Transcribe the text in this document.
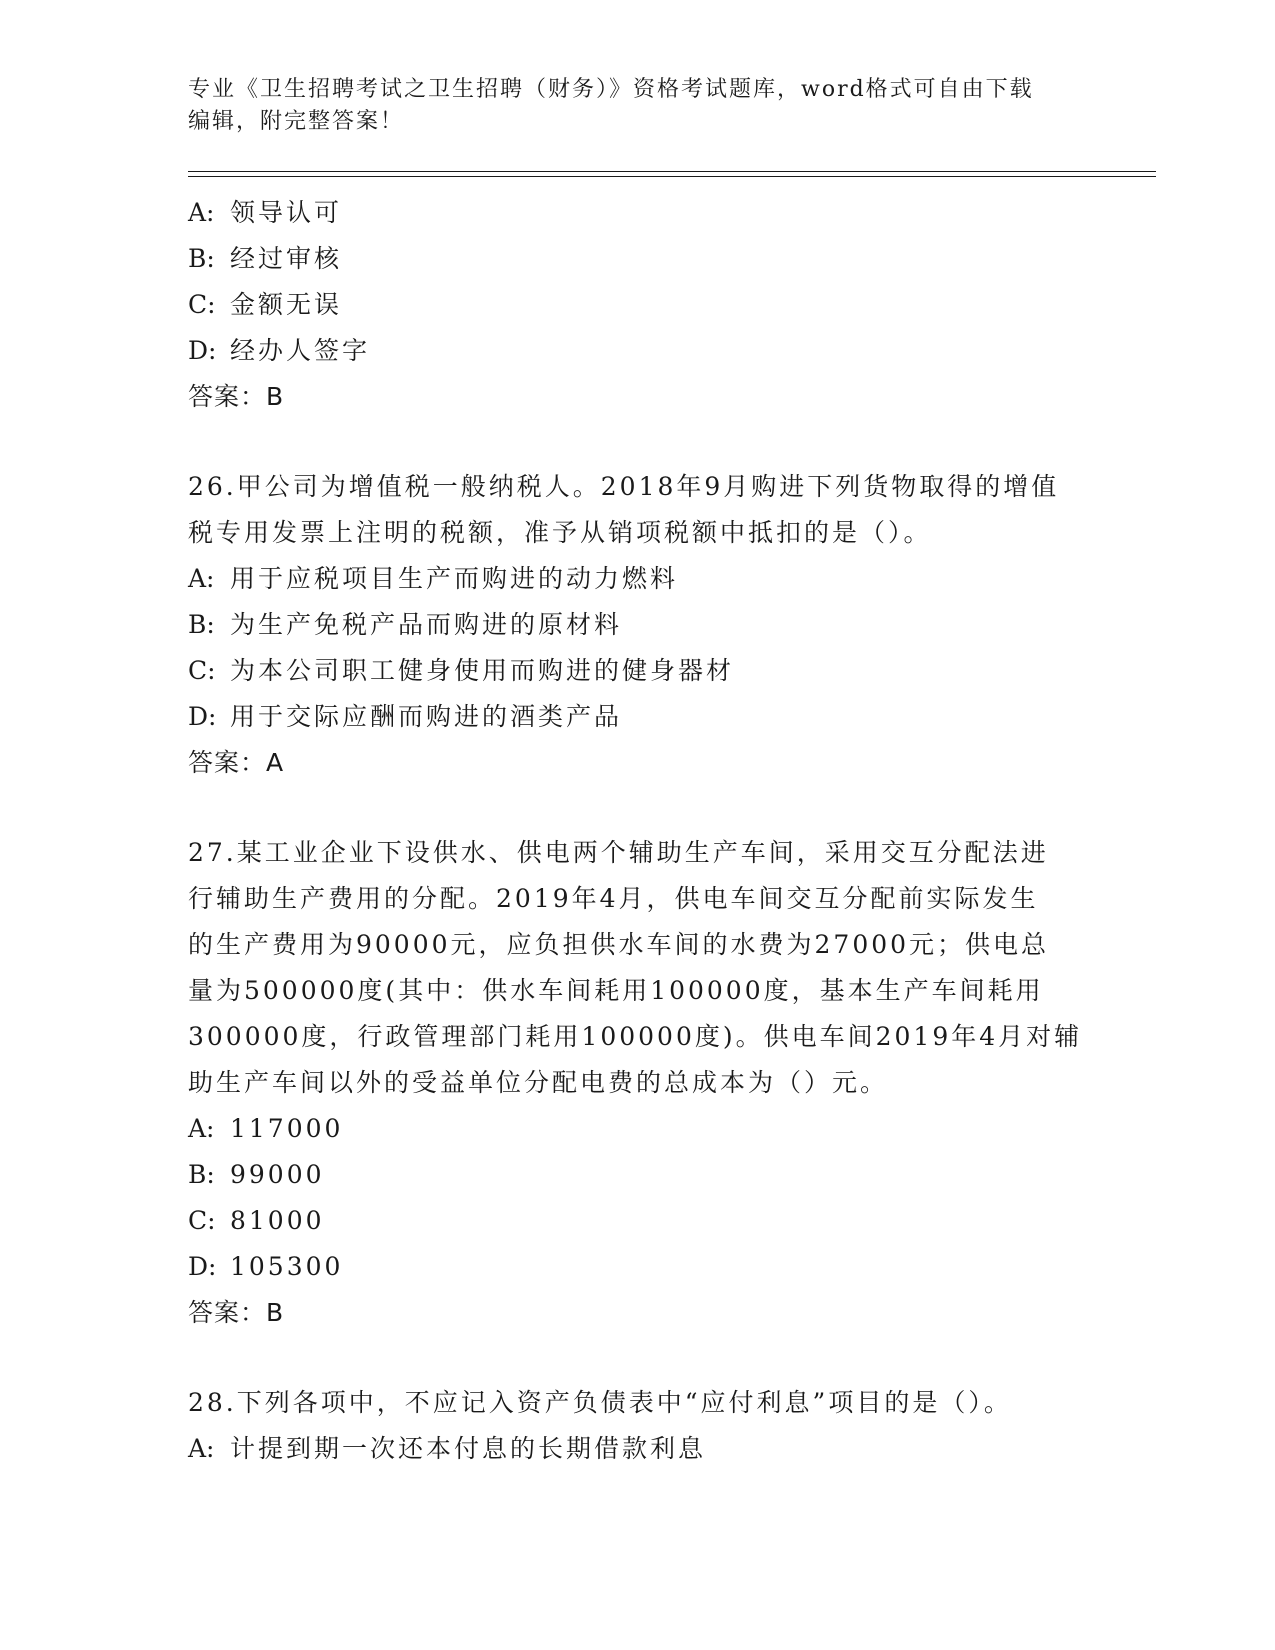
专业《卫生招聘考试之卫生招聘（财务）》资格考试题库，word格式可自由下载
编辑，附完整答案！
A: 领导认可
B: 经过审核
C: 金额无误
D: 经办人签字
答案：B
26.甲公司为增值税一般纳税人。2018年9月购进下列货物取得的增值
税专用发票上注明的税额，准予从销项税额中抵扣的是（）。
A: 用于应税项目生产而购进的动力燃料
B: 为生产免税产品而购进的原材料
C: 为本公司职工健身使用而购进的健身器材
D: 用于交际应酬而购进的酒类产品
答案：A
27.某工业企业下设供水、供电两个辅助生产车间，采用交互分配法进
行辅助生产费用的分配。2019年4月，供电车间交互分配前实际发生
的生产费用为90000元，应负担供水车间的水费为27000元；供电总
量为500000度(其中：供水车间耗用100000度，基本生产车间耗用
300000度，行政管理部门耗用100000度)。供电车间2019年4月对辅
助生产车间以外的受益单位分配电费的总成本为（）元。
A: 117000
B: 99000
C: 81000
D: 105300
答案：B
28.下列各项中，不应记入资产负债表中“应付利息”项目的是（）。
A: 计提到期一次还本付息的长期借款利息
